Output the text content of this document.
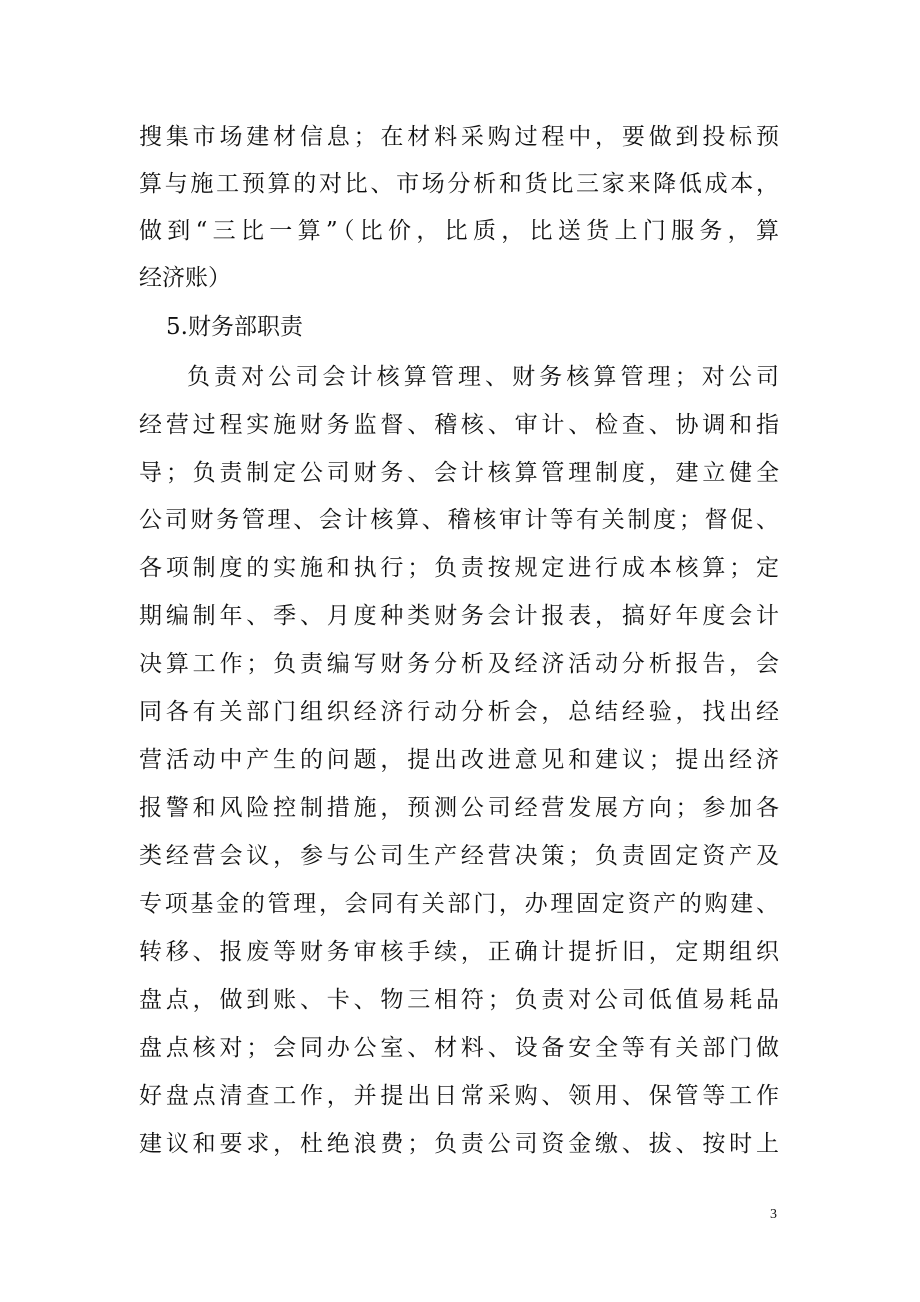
搜集市场建材信息；在材料采购过程中，要做到投标预
算与施工预算的对比、市场分析和货比三家来降低成本，
做到“三比一算”（比价，比质，比送货上门服务，算
经济账）
5.财务部职责
负责对公司会计核算管理、财务核算管理；对公司
经营过程实施财务监督、稽核、审计、检查、协调和指
导；负责制定公司财务、会计核算管理制度，建立健全
公司财务管理、会计核算、稽核审计等有关制度；督促、
各项制度的实施和执行；负责按规定进行成本核算；定
期编制年、季、月度种类财务会计报表，搞好年度会计
决算工作；负责编写财务分析及经济活动分析报告，会
同各有关部门组织经济行动分析会，总结经验，找出经
营活动中产生的问题，提出改进意见和建议；提出经济
报警和风险控制措施，预测公司经营发展方向；参加各
类经营会议，参与公司生产经营决策；负责固定资产及
专项基金的管理，会同有关部门，办理固定资产的购建、
转移、报废等财务审核手续，正确计提折旧，定期组织
盘点，做到账、卡、物三相符；负责对公司低值易耗品
盘点核对；会同办公室、材料、设备安全等有关部门做
好盘点清查工作，并提出日常采购、领用、保管等工作
建议和要求，杜绝浪费；负责公司资金缴、拔、按时上
3
